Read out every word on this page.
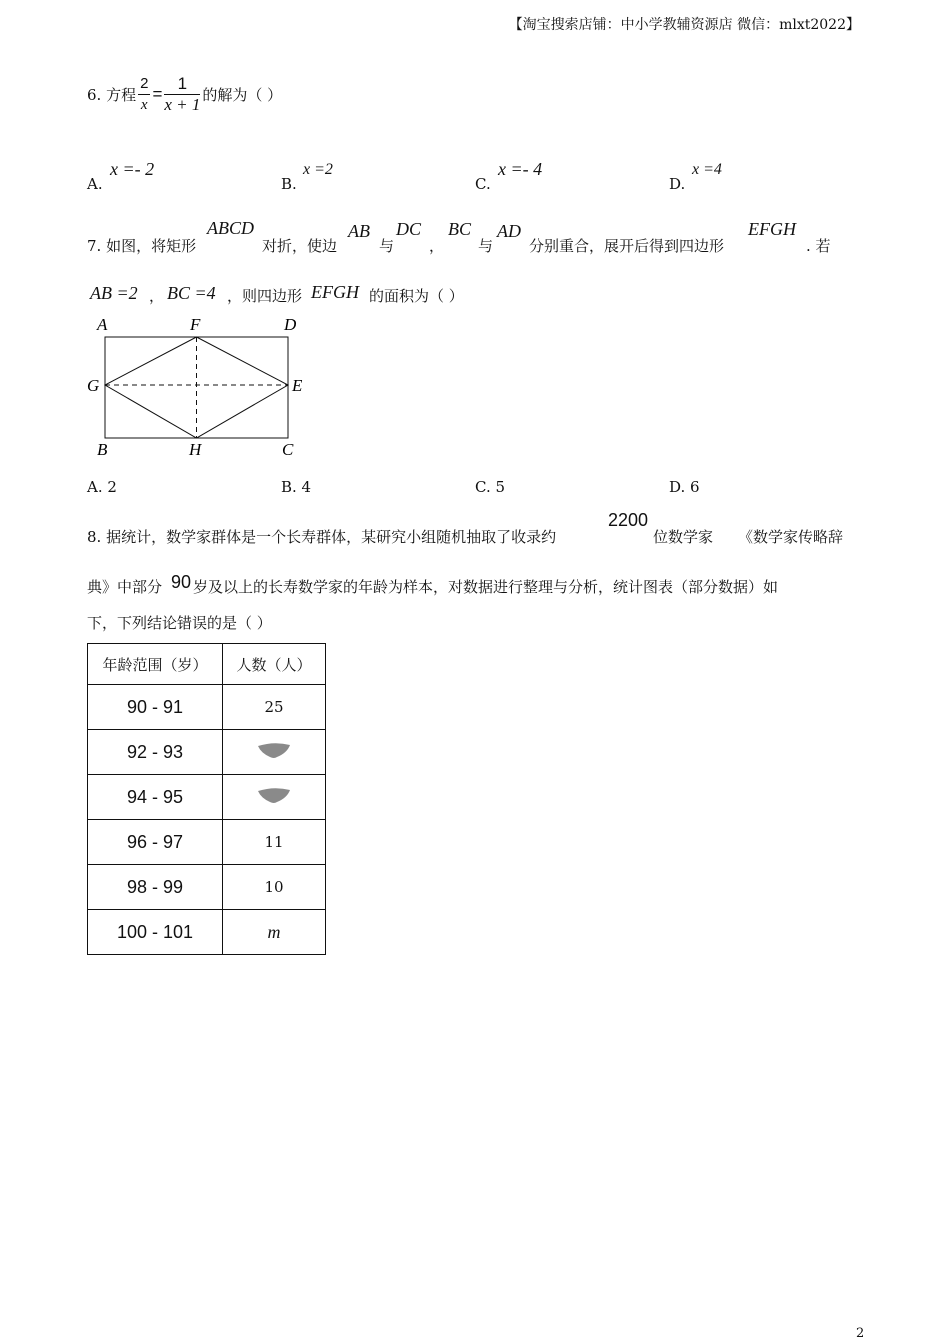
【淘宝搜索店铺：中小学教辅资源店 微信：mlxt2022】
6. 方程 $\frac{2}{x} = \frac{1}{x + 1}$ 的解为（ ）
A.
x =- 2
B.
x =2
C.
x =- 4
D.
x =4
7. 如图，将矩形
ABCD
对折，使边
AB
与
DC
，
BC
与
AD
分别重合，展开后得到四边形
EFGH
. 若
AB =2 ， BC =4 ，则四边形 EFGH 的面积为（ ）
A	F	D
G	E
B	H	C
A. 2	B. 4	C. 5	D. 6
8. 据统计，数学家群体是一个长寿群体，某研究小组随机抽取了收录约
2200
位数学家 《数学家传略辞
典》中部分 90 岁及以上的长寿数学家的年龄为样本，对数据进行整理与分析，统计图表（部分数据）如
下，下列结论错误的是（ ）
年龄范围（岁）	人数（人）
90 - 91	25
92 - 93	
94 - 95	
96 - 97	11
98 - 99	10
100 - 101	m
2
